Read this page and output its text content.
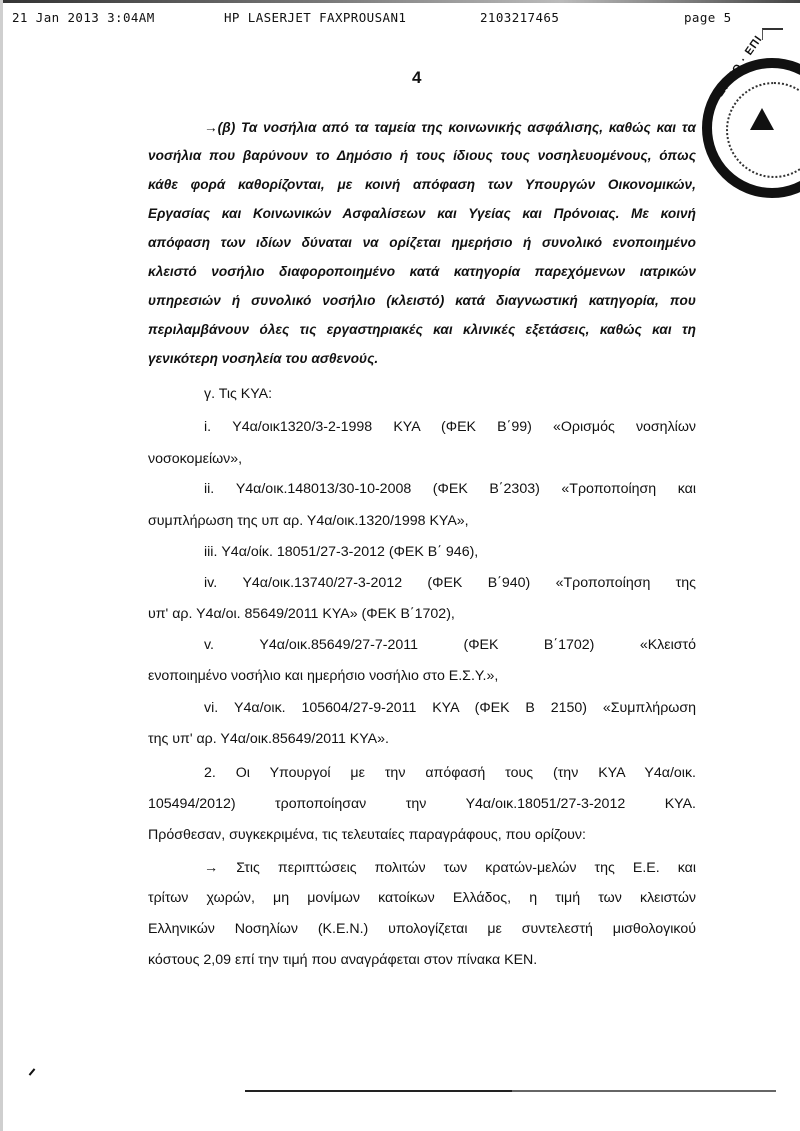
21 Jan 2013 3:04AM

	HP LASERJET FAXPROUSAN1

	2103217465

	page 5

ΔΗΜΟ · ΕΠΙ
4
→(β) Τα νοσήλια από τα ταμεία της κοινωνικής ασφάλισης, καθώς και τα
νοσήλια που βαρύνουν το Δημόσιο ή τους ίδιους τους νοσηλευομένους, όπως
κάθε φορά καθορίζονται, με κοινή απόφαση των Υπουργών Οικονομικών,
Εργασίας και Κοινωνικών Ασφαλίσεων και Υγείας και Πρόνοιας. Με κοινή
απόφαση των ιδίων δύναται να ορίζεται ημερήσιο ή συνολικό ενοποιημένο
κλειστό νοσήλιο διαφοροποιημένο κατά κατηγορία παρεχόμενων ιατρικών
υπηρεσιών ή συνολικό νοσήλιο (κλειστό) κατά διαγνωστική κατηγορία, που
περιλαμβάνουν όλες τις εργαστηριακές και κλινικές εξετάσεις, καθώς και τη
γενικότερη νοσηλεία του ασθενούς.
γ. Τις ΚΥΑ:
i. Υ4α/οικ1320/3-2-1998 ΚΥΑ (ΦΕΚ Β΄99) «Ορισμός νοσηλίων
νοσοκομείων»,
ii. Υ4α/οικ.148013/30-10-2008 (ΦΕΚ Β΄2303) «Τροποποίηση και
συμπλήρωση της υπ αρ. Υ4α/οικ.1320/1998 ΚΥΑ»,
iii. Υ4α/οίκ. 18051/27-3-2012 (ΦΕΚ Β΄ 946),
iv. Υ4α/οικ.13740/27-3-2012 (ΦΕΚ Β΄940) «Τροποποίηση της
υπ' αρ. Υ4α/οι. 85649/2011 ΚΥΑ» (ΦΕΚ Β΄1702),
v. Υ4α/οικ.85649/27-7-2011 (ΦΕΚ Β΄1702) «Κλειστό
ενοποιημένο νοσήλιο και ημερήσιο νοσήλιο στο Ε.Σ.Υ.»,
vi. Υ4α/οικ. 105604/27-9-2011 ΚΥΑ (ΦΕΚ Β 2150) «Συμπλήρωση
της υπ' αρ. Υ4α/οικ.85649/2011 ΚΥΑ».
2. Οι Υπουργοί με την απόφασή τους (την ΚΥΑ Υ4α/οικ.
105494/2012) τροποποίησαν την Υ4α/οικ.18051/27-3-2012 ΚΥΑ.
Πρόσθεσαν, συγκεκριμένα, τις τελευταίες παραγράφους, που ορίζουν:
→ Στις περιπτώσεις πολιτών των κρατών-μελών της Ε.Ε. και
τρίτων χωρών, μη μονίμων κατοίκων Ελλάδος, η τιμή των κλειστών
Ελληνικών Νοσηλίων (Κ.Ε.Ν.) υπολογίζεται με συντελεστή μισθολογικού
κόστους 2,09 επί την τιμή που αναγράφεται στον πίνακα ΚΕΝ.
